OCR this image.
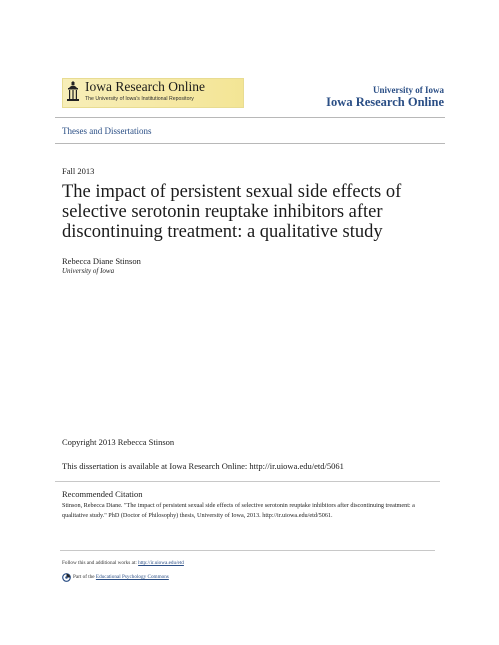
Iowa Research Online
The University of Iowa's Institutional Repository
University of Iowa
Iowa Research Online
Theses and Dissertations
Fall 2013
The impact of persistent sexual side effects of selective serotonin reuptake inhibitors after discontinuing treatment: a qualitative study
Rebecca Diane Stinson
University of Iowa
Copyright 2013 Rebecca Stinson
This dissertation is available at Iowa Research Online: http://ir.uiowa.edu/etd/5061
Recommended Citation
Stinson, Rebecca Diane. "The impact of persistent sexual side effects of selective serotonin reuptake inhibitors after discontinuing treatment: a qualitative study." PhD (Doctor of Philosophy) thesis, University of Iowa, 2013. http://ir.uiowa.edu/etd/5061.
Follow this and additional works at: http://ir.uiowa.edu/etd
Part of the Educational Psychology Commons
